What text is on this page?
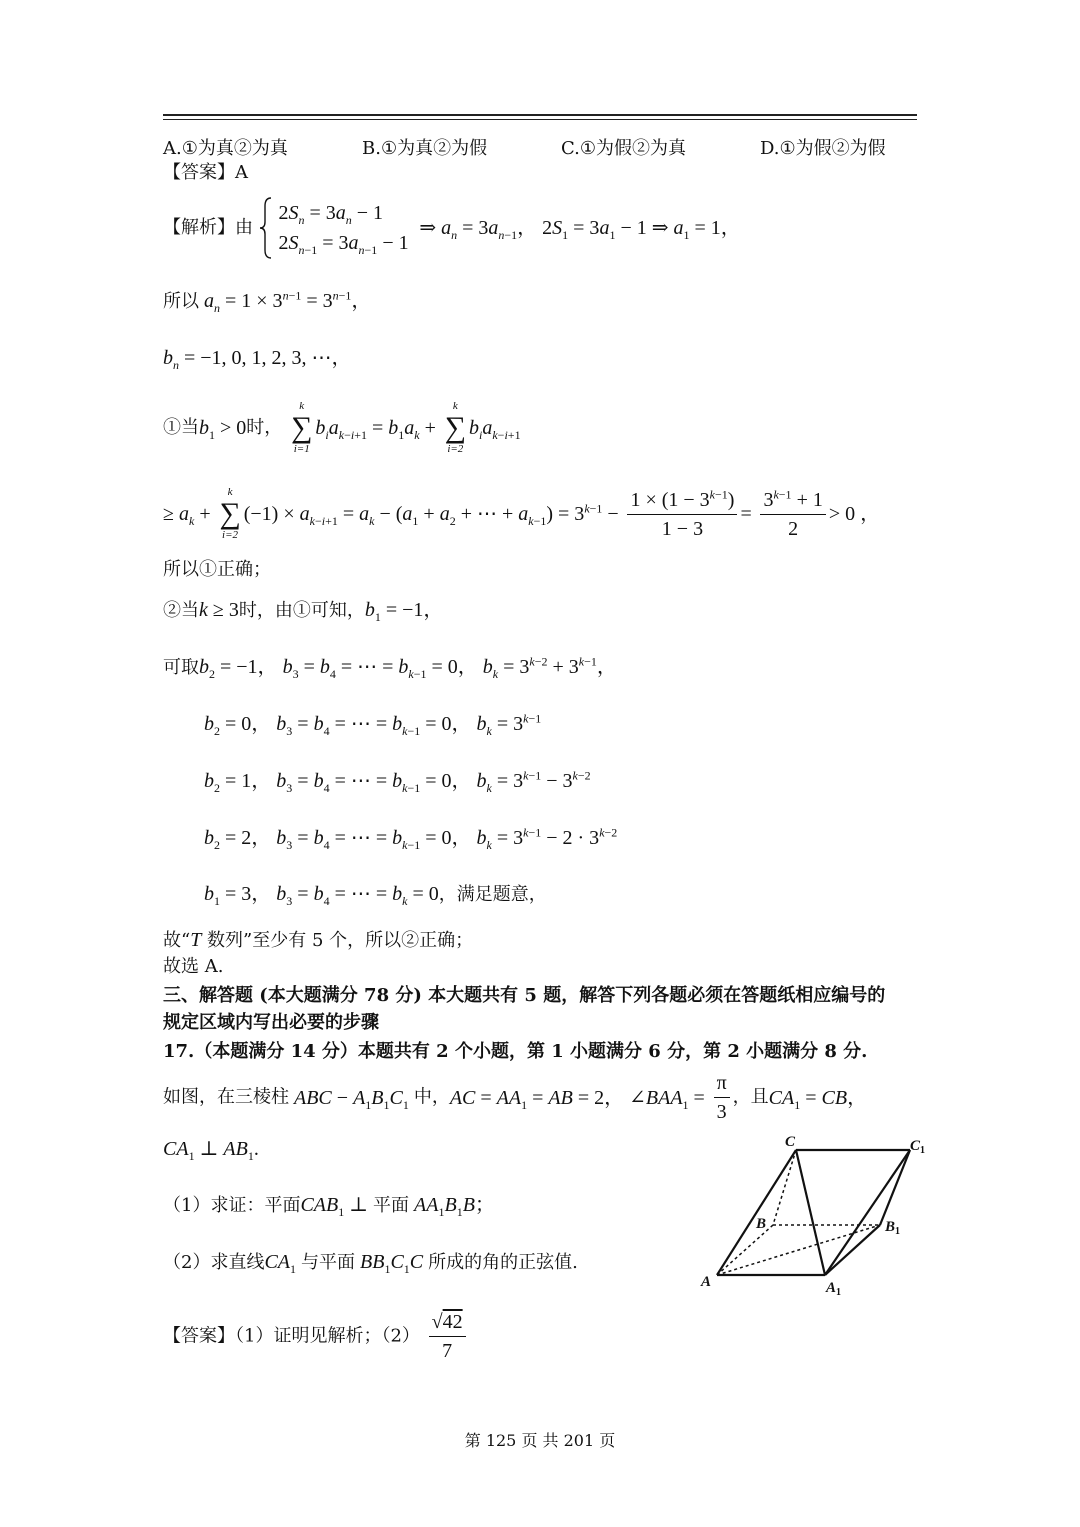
A.①为真②为真	B.①为真②为假	C.①为假②为真	D.①为假②为假
【答案】A
【解析】由
$2S_n = 3a_n - 1$
$2S_{n-1} = 3a_{n-1} - 1$
⇒ $a_n = 3a_{n-1}$， $2S_1 = 3a_1 - 1$ ⇒ $a_1 = 1$，
所以 $a_n = 1 \times 3^{n-1} = 3^{n-1}$，
$b_n = -1$, 0, 1, 2, 3, ⋯，
①当$b_1 > 0$时，
k
∑
i=1
$b_ia_{k-i+1} = b_1a_k$ +
k
∑
i=2
$b_ia_{k-i+1}$
≥ $a_k$ +
k
∑
i=2
$(-1) \times a_{k-i+1} = a_k - (a_1 + a_2$ + ⋯ + $a_{k-1}) = 3^{k-1} - \frac{1 \times (1 - 3^{k-1})}{1 - 3} = \frac{3^{k-1} + 1}{2} > 0$ ，
所以①正确；
②当k ≥ 3时，由①可知，$b_1 = -1$，
可取$b_2 = -1$， $b_3 = b_4$ = ⋯ = $b_{k-1} = 0$， $b_k = 3^{k-2} + 3^{k-1}$，
$b_2 = 0$， $b_3 = b_4$ = ⋯ = $b_{k-1} = 0$， $b_k = 3^{k-1}$
$b_2 = 1$， $b_3 = b_4$ = ⋯ = $b_{k-1} = 0$， $b_k = 3^{k-1} - 3^{k-2}$
$b_2 = 2$， $b_3 = b_4$ = ⋯ = $b_{k-1} = 0$， $b_k = 3^{k-1} - 2 \cdot 3^{k-2}$
$b_1 = 3$， $b_3 = b_4$ = ⋯ = $b_k = 0$，满足题意，
故“T 数列”至少有 5 个，所以②正确；
故选 A.
三、解答题 (本大题满分 78 分) 本大题共有 5 题，解答下列各题必须在答题纸相应编号的
规定区域内写出必要的步骤
17.（本题满分 14 分）本题共有 2 个小题，第 1 小题满分 6 分，第 2 小题满分 8 分.
如图，在三棱柱 ABC − $A_1B_1C_1$ 中，AC = $AA_1$ = AB = 2， $\angle BAA_1 = \frac{\pi}{3}$ ，且$CA_1$ = CB，
$CA_1$ ⊥ $AB_1$.
（1）求证：平面$CAB_1$ ⊥ 平面 $AA_1B_1B$；
（2）求直线$CA_1$ 与平面 $BB_1C_1C$ 所成的角的正弦值.
【答案】（1）证明见解析；$(2) \frac{√42}{7}$
C	$C_1$
B	$B_1$
A	$A_1$
第 125 页 共 201 页
